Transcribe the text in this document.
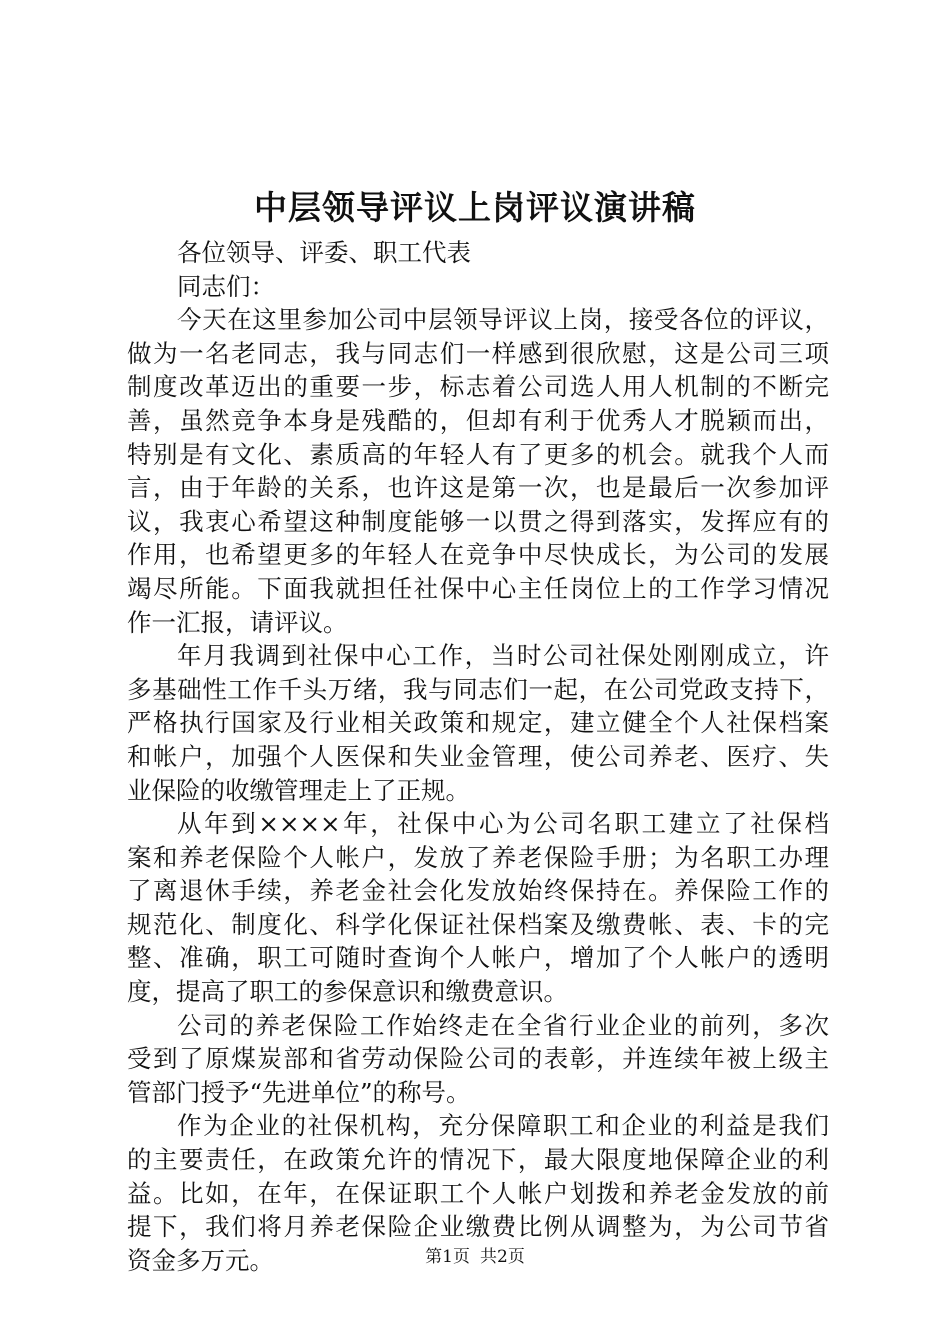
中层领导评议上岗评议演讲稿
各位领导、评委、职工代表
同志们：
今天在这里参加公司中层领导评议上岗，接受各位的评议，
做为一名老同志，我与同志们一样感到很欣慰，这是公司三项
制度改革迈出的重要一步，标志着公司选人用人机制的不断完
善，虽然竞争本身是残酷的，但却有利于优秀人才脱颖而出，
特别是有文化、素质高的年轻人有了更多的机会。就我个人而
言，由于年龄的关系，也许这是第一次，也是最后一次参加评
议，我衷心希望这种制度能够一以贯之得到落实，发挥应有的
作用，也希望更多的年轻人在竞争中尽快成长，为公司的发展
竭尽所能。下面我就担任社保中心主任岗位上的工作学习情况
作一汇报，请评议。
年月我调到社保中心工作，当时公司社保处刚刚成立，许
多基础性工作千头万绪，我与同志们一起，在公司党政支持下，
严格执行国家及行业相关政策和规定，建立健全个人社保档案
和帐户，加强个人医保和失业金管理，使公司养老、医疗、失
业保险的收缴管理走上了正规。
从年到××××年，社保中心为公司名职工建立了社保档
案和养老保险个人帐户，发放了养老保险手册；为名职工办理
了离退休手续，养老金社会化发放始终保持在。养保险工作的
规范化、制度化、科学化保证社保档案及缴费帐、表、卡的完
整、准确，职工可随时查询个人帐户，增加了个人帐户的透明
度，提高了职工的参保意识和缴费意识。
公司的养老保险工作始终走在全省行业企业的前列，多次
受到了原煤炭部和省劳动保险公司的表彰，并连续年被上级主
管部门授予“先进单位”的称号。
作为企业的社保机构，充分保障职工和企业的利益是我们
的主要责任，在政策允许的情况下，最大限度地保障企业的利
益。比如，在年，在保证职工个人帐户划拨和养老金发放的前
提下，我们将月养老保险企业缴费比例从调整为，为公司节省
资金多万元。	第1页 共2页
